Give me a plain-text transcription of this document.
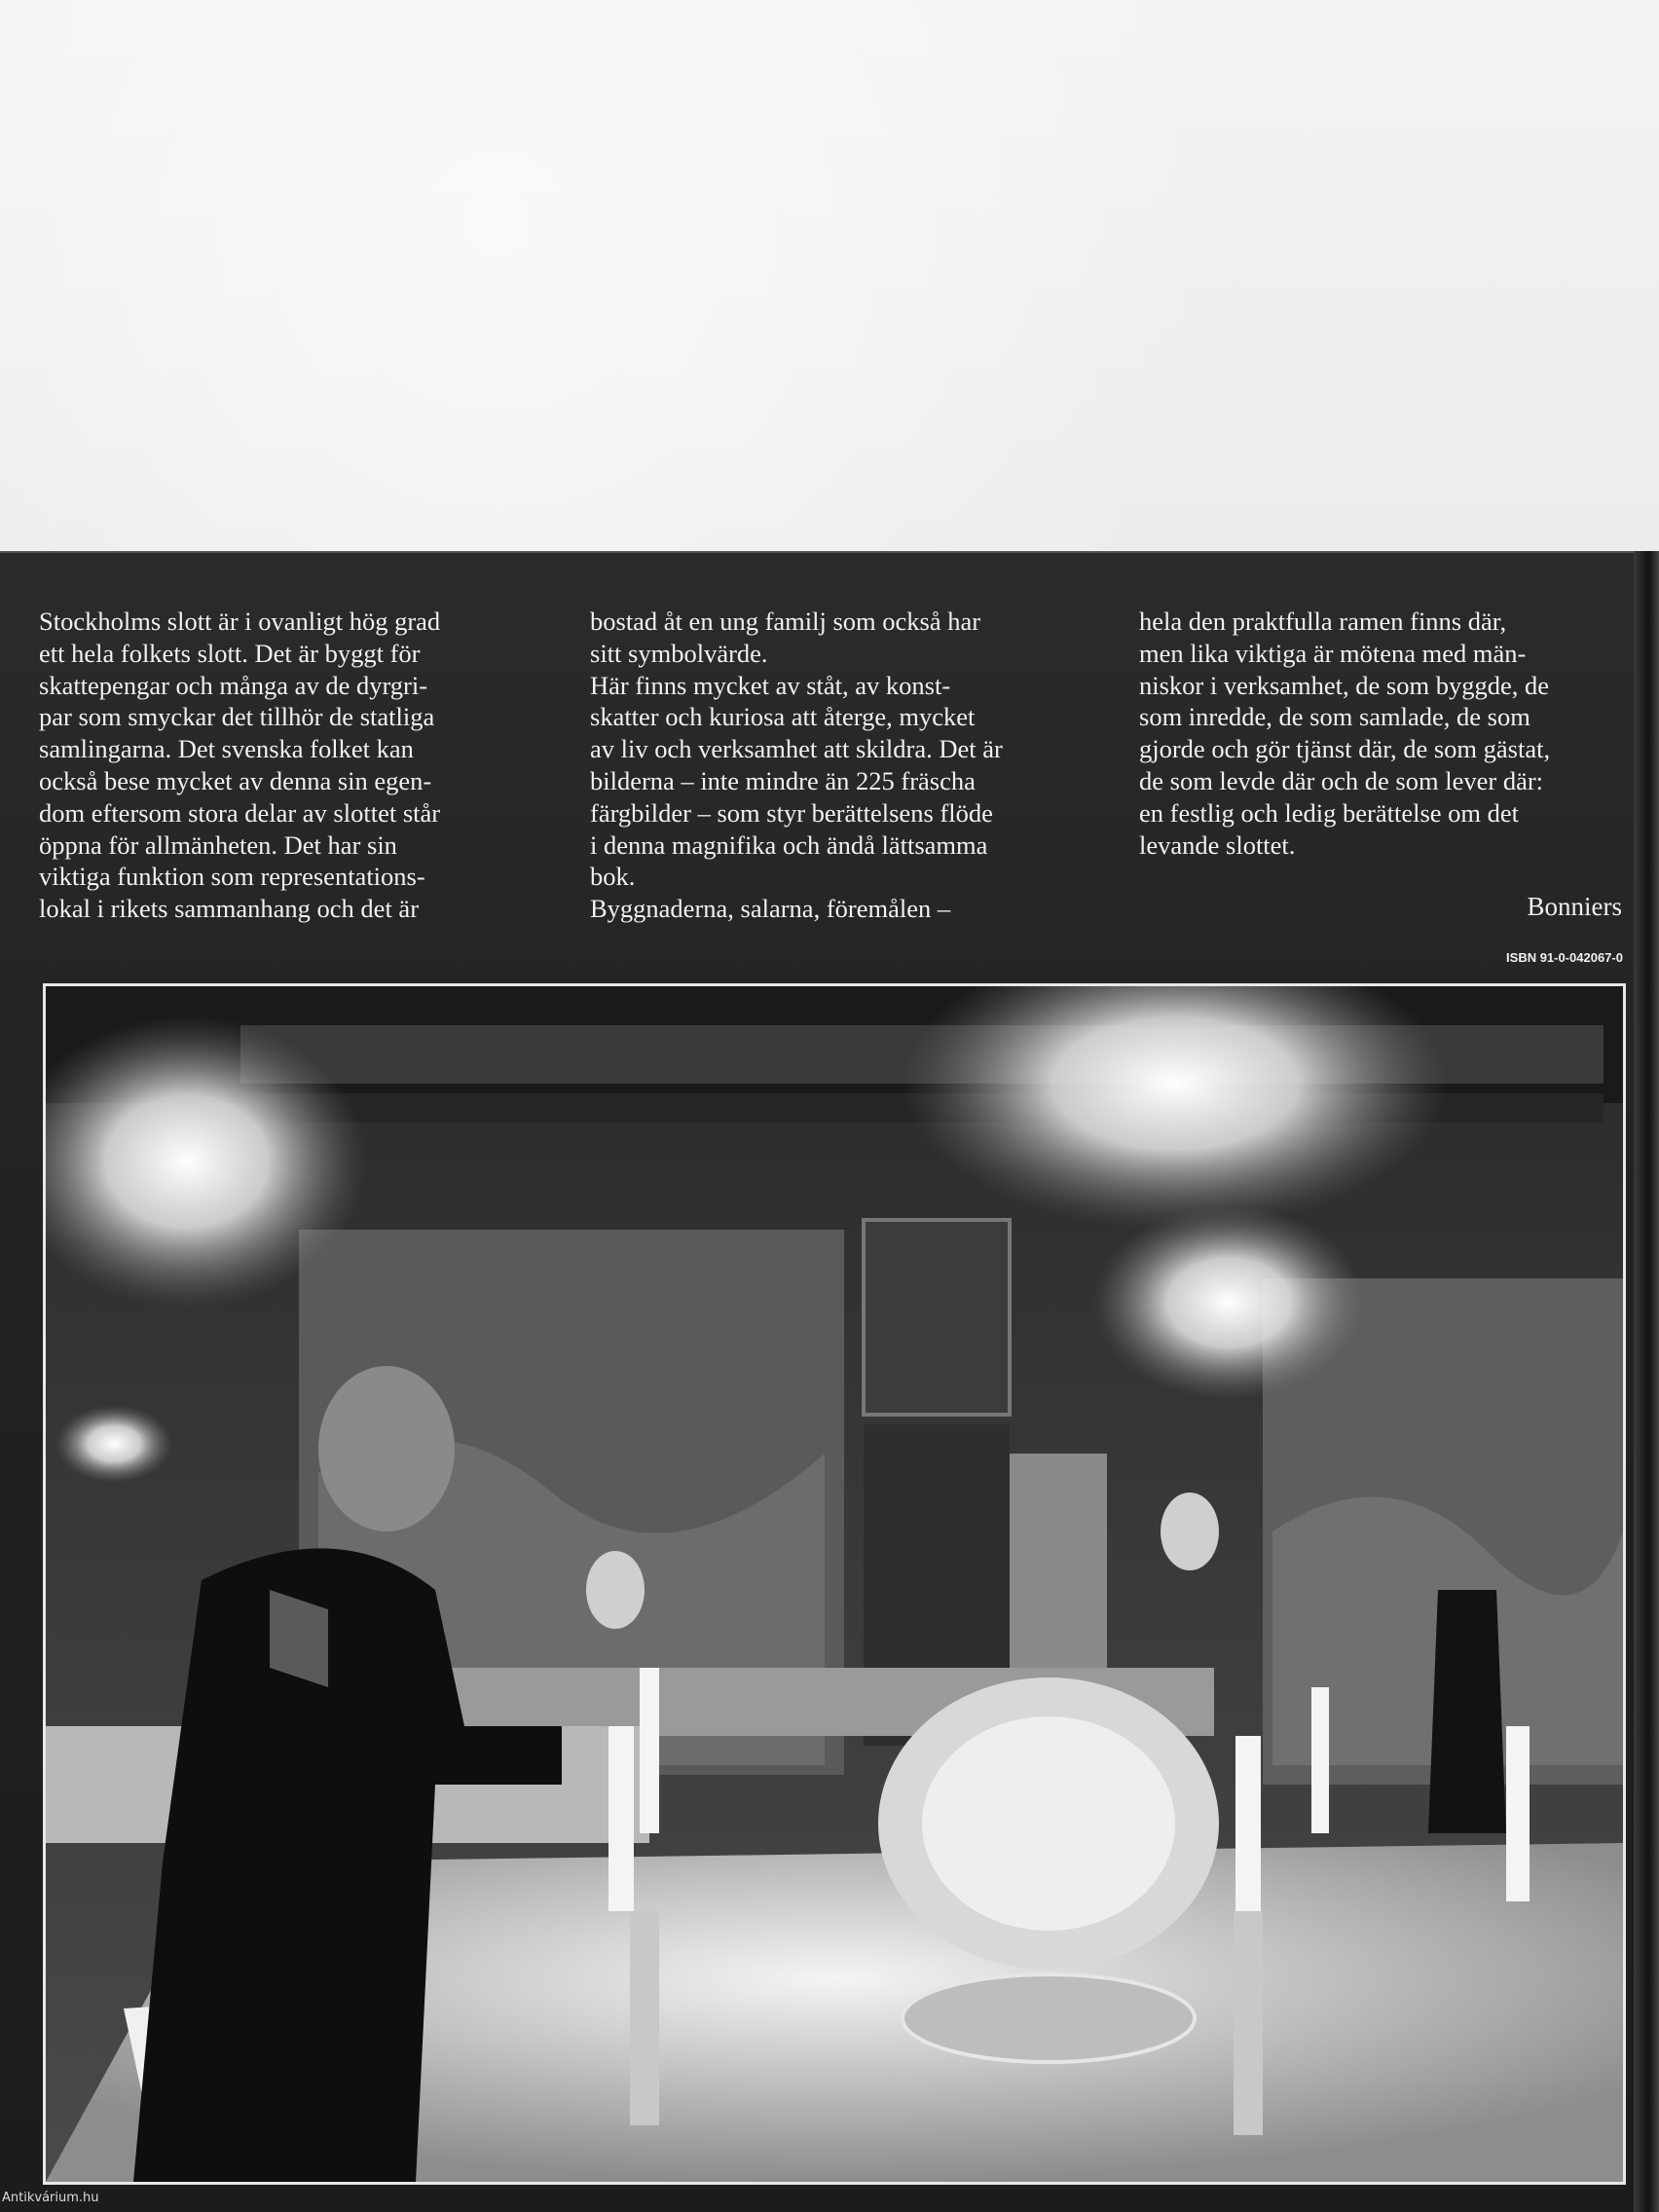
Stockholms slott är i ovanligt hög grad
ett hela folkets slott. Det är byggt för
skattepengar och många av de dyrgri-
par som smyckar det tillhör de statliga
samlingarna. Det svenska folket kan
också bese mycket av denna sin egen-
dom eftersom stora delar av slottet står
öppna för allmänheten. Det har sin
viktiga funktion som representations-
lokal i rikets sammanhang och det är
bostad åt en ung familj som också har
sitt symbolvärde.
Här finns mycket av ståt, av konst-
skatter och kuriosa att återge, mycket
av liv och verksamhet att skildra. Det är
bilderna – inte mindre än 225 fräscha
färgbilder – som styr berättelsens flöde
i denna magnifika och ändå lättsamma
bok.
Byggnaderna, salarna, föremålen –
hela den praktfulla ramen finns där,
men lika viktiga är mötena med män-
niskor i verksamhet, de som byggde, de
som inredde, de som samlade, de som
gjorde och gör tjänst där, de som gästat,
de som levde där och de som lever där:
en festlig och ledig berättelse om det
levande slottet.
Bonniers
ISBN 91-0-042067-0
Antikvárium.hu
